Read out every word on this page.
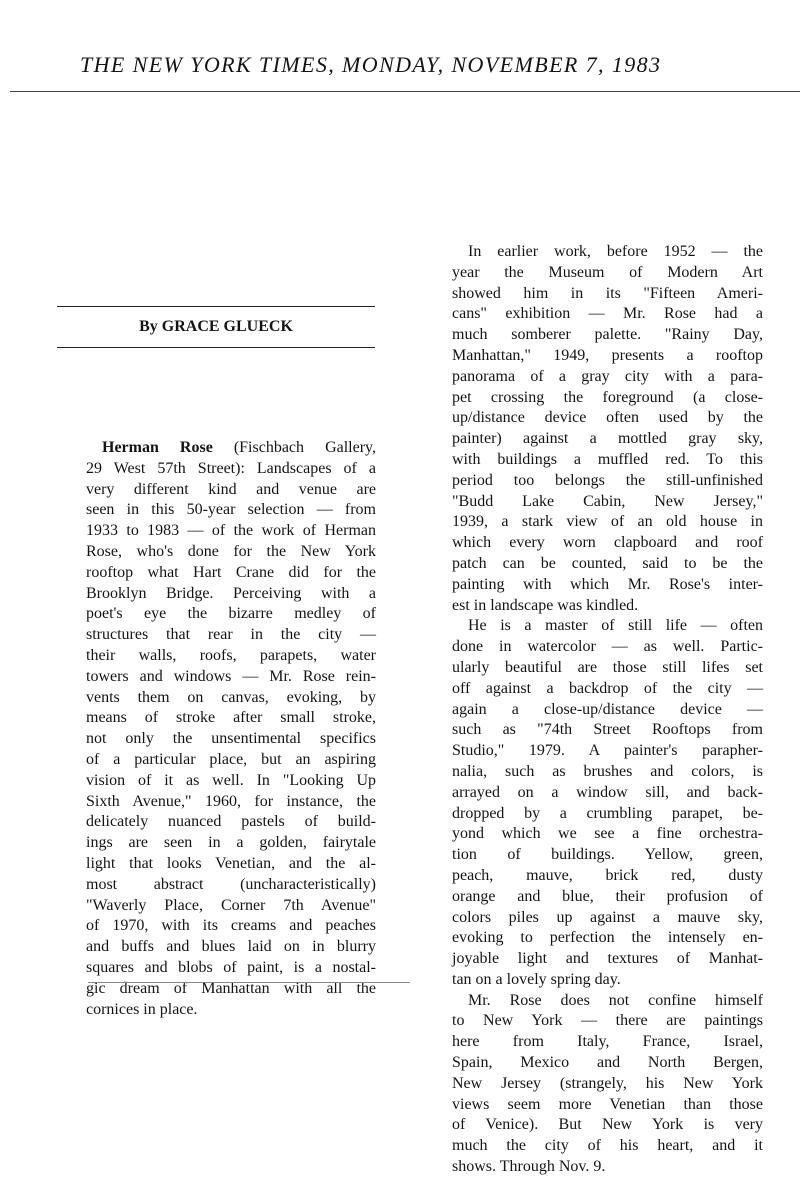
THE NEW YORK TIMES, MONDAY, NOVEMBER 7, 1983
By GRACE GLUECK

Herman Rose (Fischbach Gallery,
29 West 57th Street): Landscapes of a
very different kind and venue are
seen in this 50-year selection — from
1933 to 1983 — of the work of Herman
Rose, who's done for the New York
rooftop what Hart Crane did for the
Brooklyn Bridge. Perceiving with a
poet's eye the bizarre medley of
structures that rear in the city —
their walls, roofs, parapets, water
towers and windows — Mr. Rose rein-
vents them on canvas, evoking, by
means of stroke after small stroke,
not only the unsentimental specifics
of a particular place, but an aspiring
vision of it as well. In "Looking Up
Sixth Avenue," 1960, for instance, the
delicately nuanced pastels of build-
ings are seen in a golden, fairytale
light that looks Venetian, and the al-
most abstract (uncharacteristically)
"Waverly Place, Corner 7th Avenue"
of 1970, with its creams and peaches
and buffs and blues laid on in blurry
squares and blobs of paint, is a nostal-
gic dream of Manhattan with all the
cornices in place.

In earlier work, before 1952 — the
year the Museum of Modern Art
showed him in its "Fifteen Ameri-
cans" exhibition — Mr. Rose had a
much somberer palette. "Rainy Day,
Manhattan," 1949, presents a rooftop
panorama of a gray city with a para-
pet crossing the foreground (a close-
up/distance device often used by the
painter) against a mottled gray sky,
with buildings a muffled red. To this
period too belongs the still-unfinished
"Budd Lake Cabin, New Jersey,"
1939, a stark view of an old house in
which every worn clapboard and roof
patch can be counted, said to be the
painting with which Mr. Rose's inter-
est in landscape was kindled.

He is a master of still life — often
done in watercolor — as well. Partic-
ularly beautiful are those still lifes set
off against a backdrop of the city —
again a close-up/distance device —
such as "74th Street Rooftops from
Studio," 1979. A painter's parapher-
nalia, such as brushes and colors, is
arrayed on a window sill, and back-
dropped by a crumbling parapet, be-
yond which we see a fine orchestra-
tion of buildings. Yellow, green,
peach, mauve, brick red, dusty
orange and blue, their profusion of
colors piles up against a mauve sky,
evoking to perfection the intensely en-
joyable light and textures of Manhat-
tan on a lovely spring day.

Mr. Rose does not confine himself
to New York — there are paintings
here from Italy, France, Israel,
Spain, Mexico and North Bergen,
New Jersey (strangely, his New York
views seem more Venetian than those
of Venice). But New York is very
much the city of his heart, and it
shows. Through Nov. 9.
